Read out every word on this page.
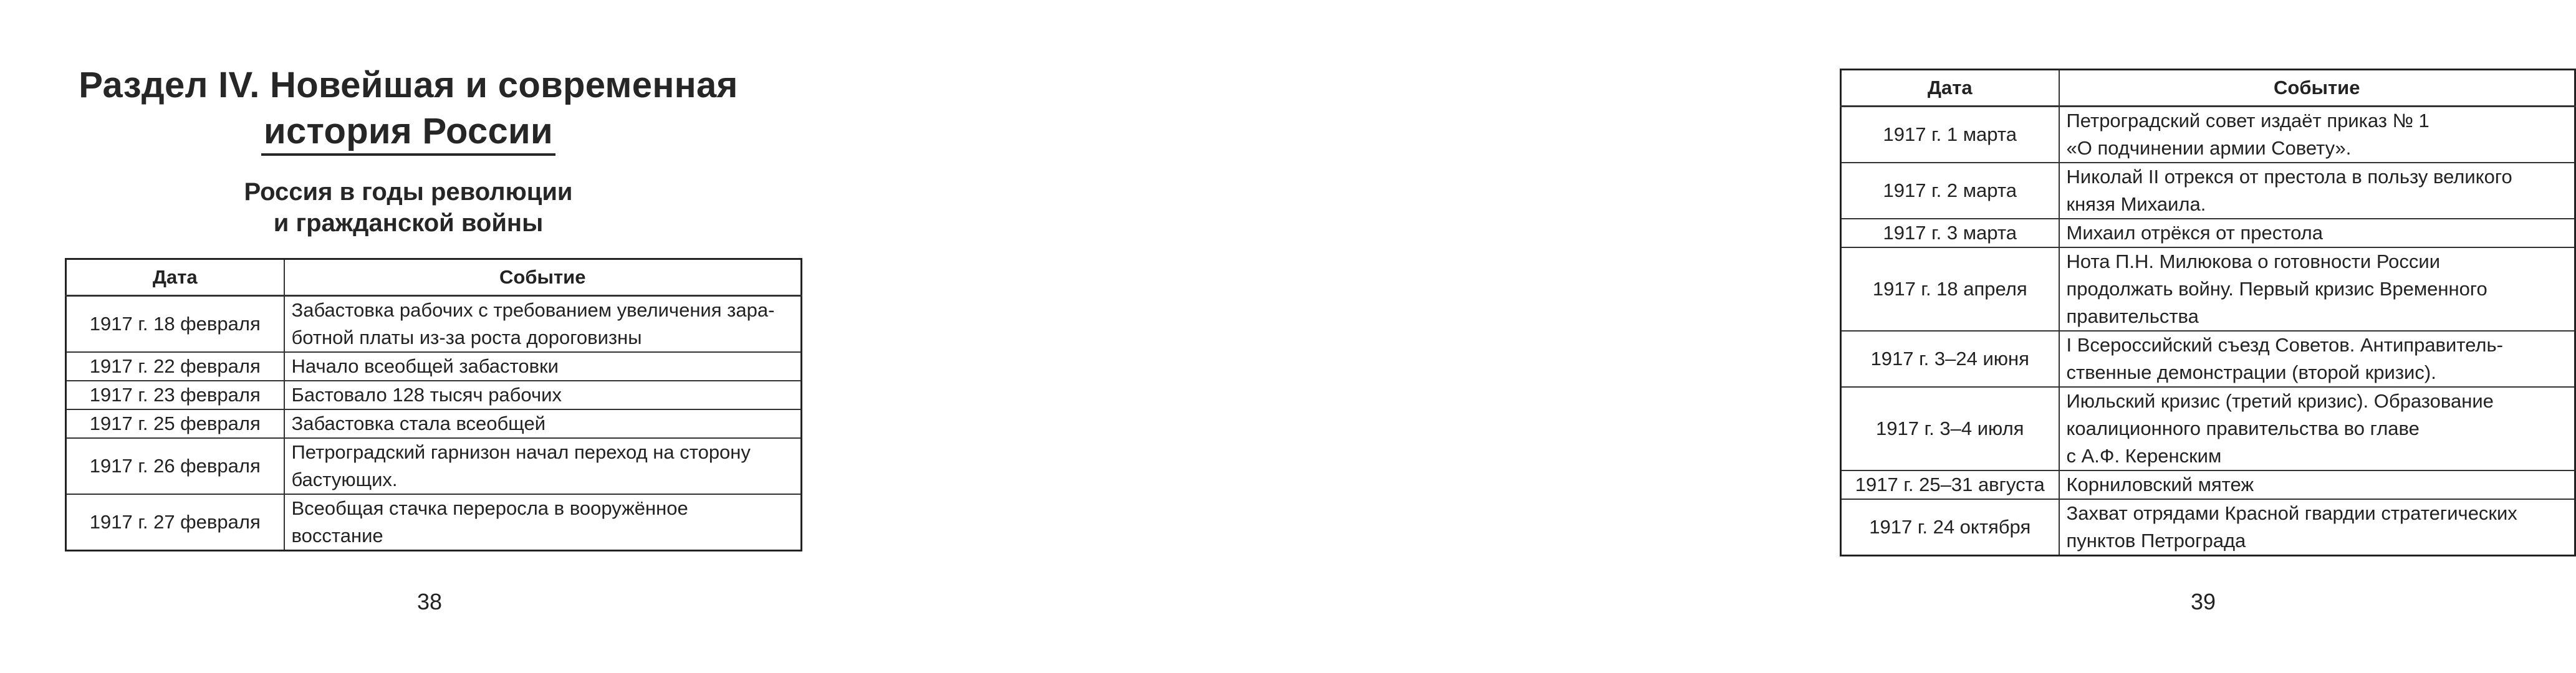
Раздел IV. Новейшая и современная
история России
Россия в годы революции
и гражданской войны
Дата	Событие
1917 г. 18 февраля	Забастовка рабочих с требованием увеличения зара-
ботной платы из-за роста дороговизны

1917 г. 22 февраля	Начало всеобщей забастовки

1917 г. 23 февраля	Бастовало 128 тысяч рабочих

1917 г. 25 февраля	Забастовка стала всеобщей

1917 г. 26 февраля	Петроградский гарнизон начал переход на сторону
бастующих.

1917 г. 27 февраля	Всеобщая стачка переросла в вооружённое
восстание
38
Дата	Событие
1917 г. 1 марта	Петроградский совет издаёт приказ № 1
«О подчинении армии Совету».

1917 г. 2 марта	Николай II отрекся от престола в пользу великого
князя Михаила.

1917 г. 3 марта	Михаил отрёкся от престола

1917 г. 18 апреля	Нота П.Н. Милюкова о готовности России
продолжать войну. Первый кризис Временного
правительства

1917 г. 3–24 июня	I Всероссийский съезд Советов. Антиправитель-
ственные демонстрации (второй кризис).

1917 г. 3–4 июля	Июльский кризис (третий кризис). Образование
коалиционного правительства во главе
с А.Ф. Керенским

1917 г. 25–31 августа	Корниловский мятеж

1917 г. 24 октября	Захват отрядами Красной гвардии стратегических
пунктов Петрограда
39
